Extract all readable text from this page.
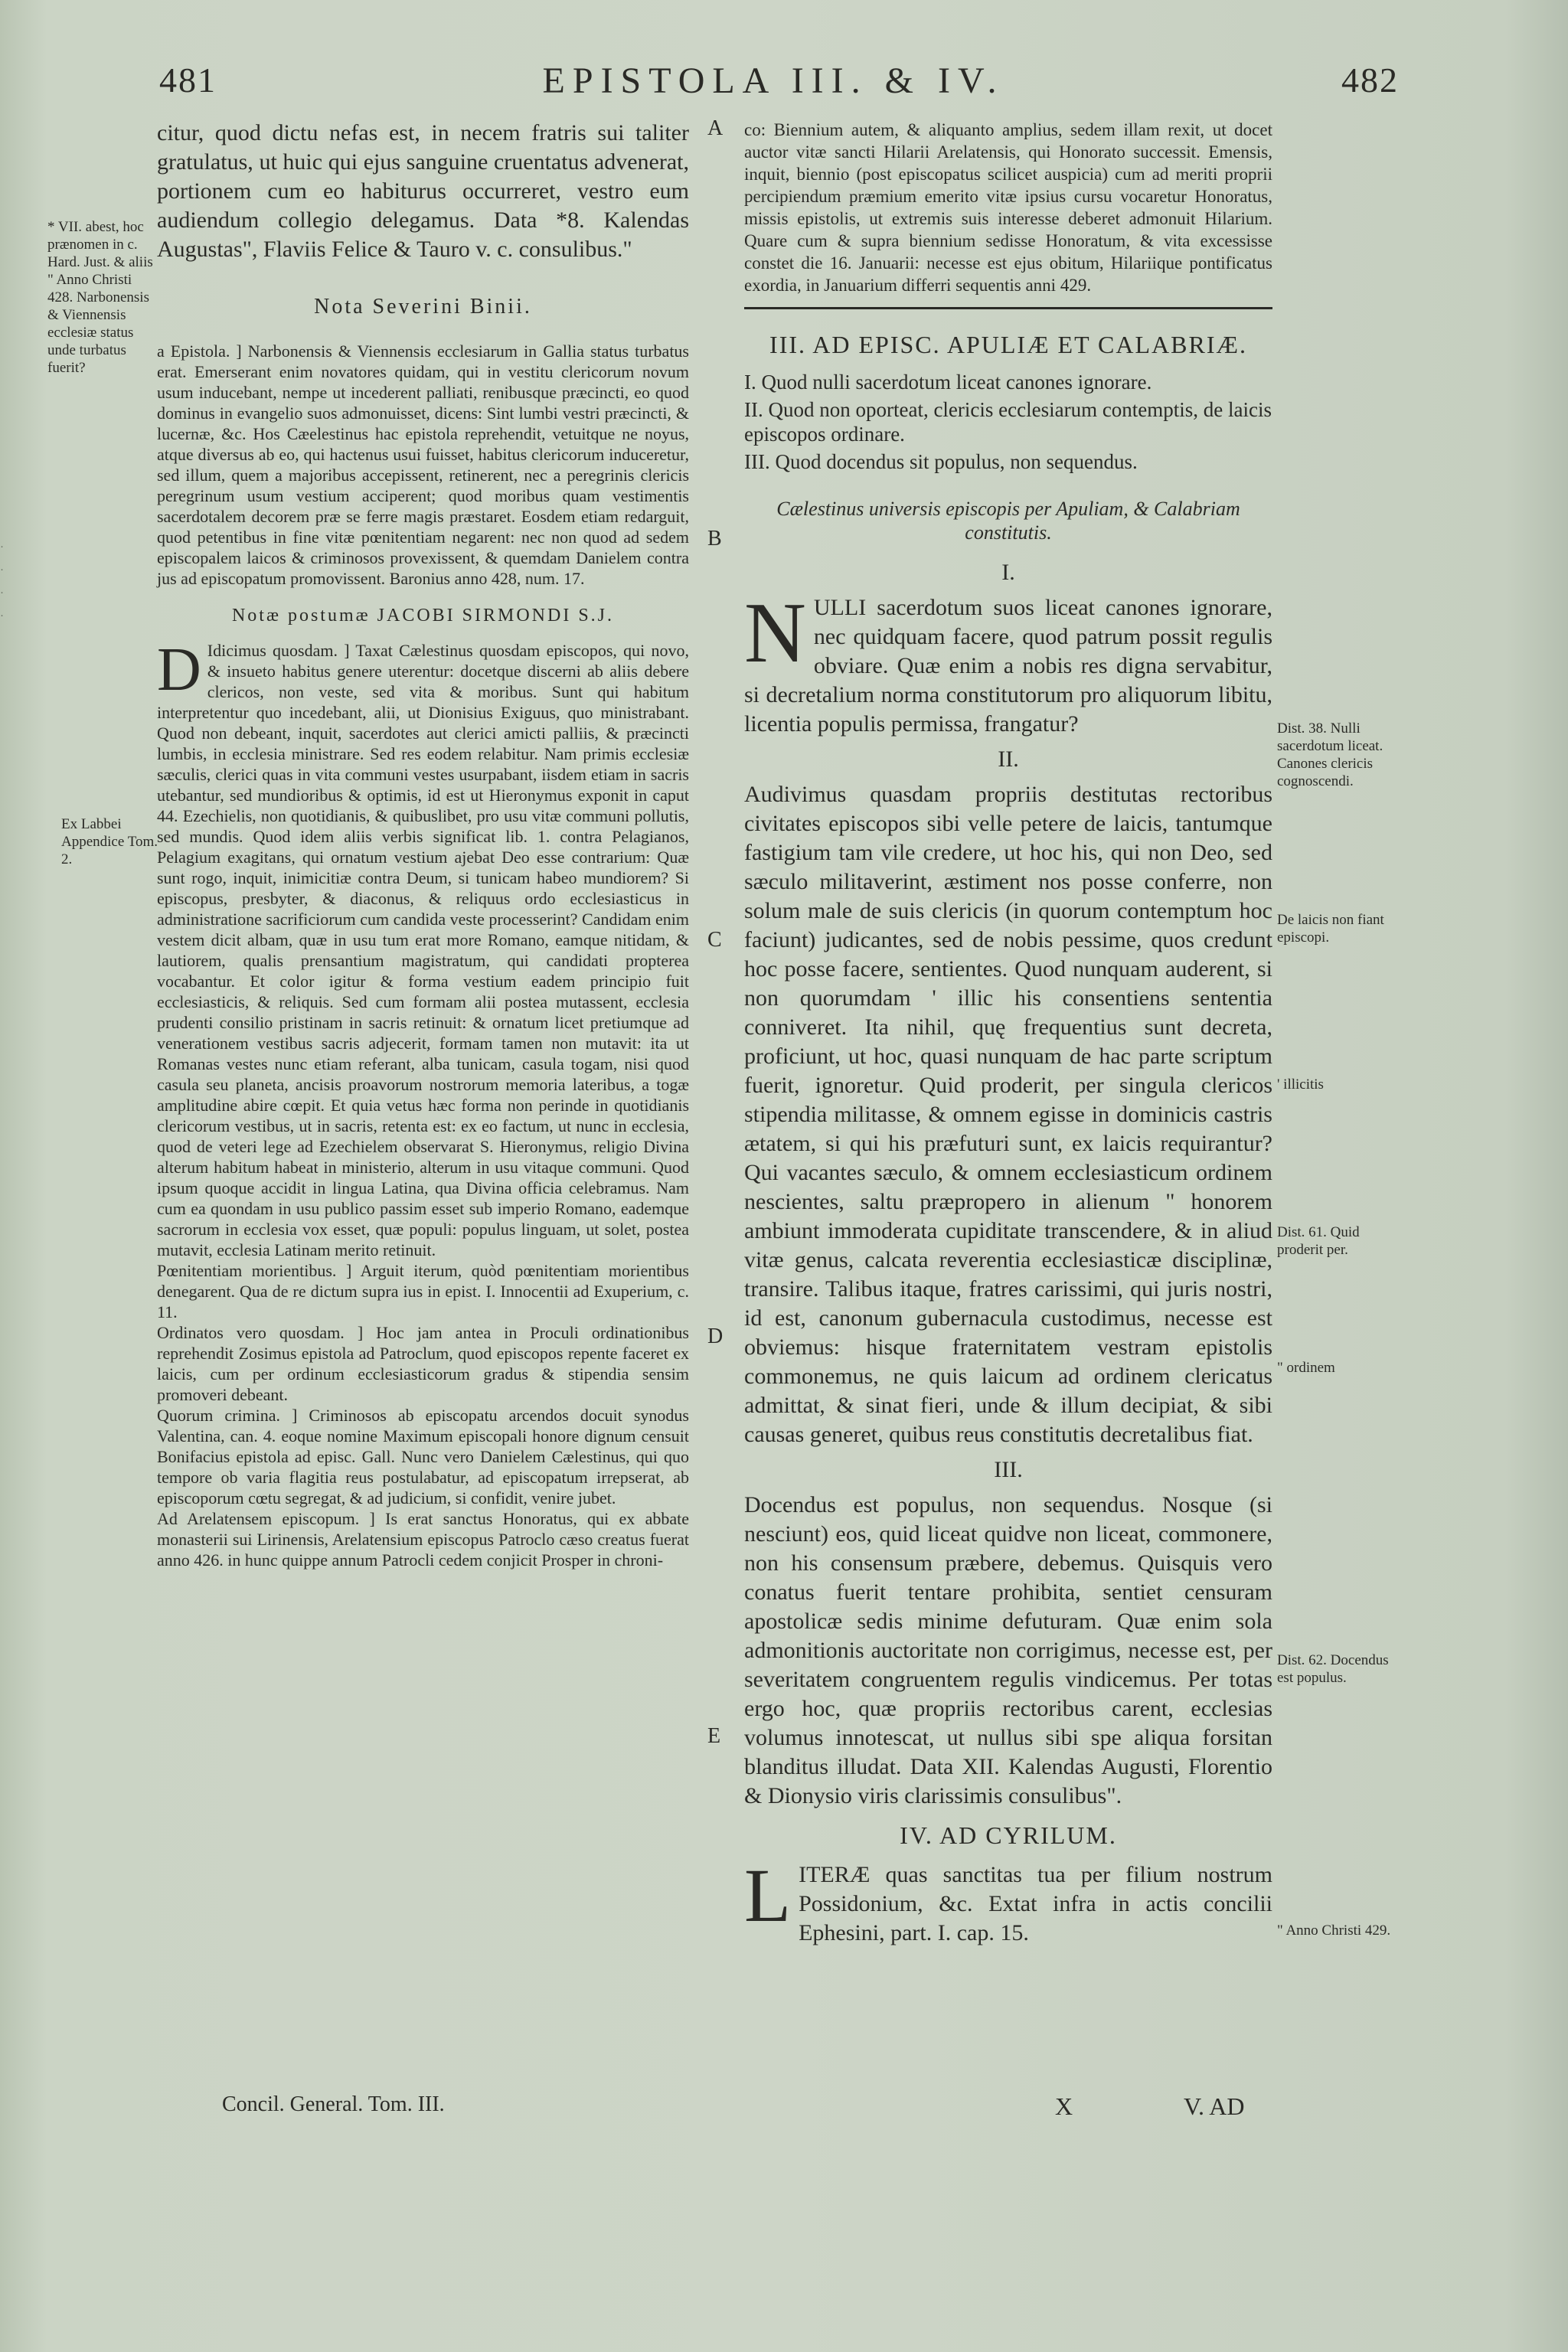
·
·
·
·
481	EPISTOLA III. & IV.	482
* VII. abest, hoc prænomen in c. Hard. Just. & aliis " Anno Christi 428. Narbonensis & Viennensis ecclesiæ status unde turbatus fuerit?
Ex Labbei Appendice Tom. 2.

citur, quod dictu nefas est, in necem fratris sui taliter gratulatus, ut huic qui ejus sanguine cruentatus advenerat, portionem cum eo habiturus occurreret, vestro eum audiendum collegio delegamus. Data *8. Kalendas Augustas", Flaviis Felice & Tauro v. c. consulibus."

Nota Severini Binii.

a Epistola. ] Narbonensis & Viennensis ecclesiarum in Gallia status turbatus erat. Emerserant enim novatores quidam, qui in vestitu clericorum novum usum inducebant, nempe ut incederent palliati, renibusque præcincti, eo quod dominus in evangelio suos admonuisset, dicens: Sint lumbi vestri præcincti, & lucernæ, &c. Hos Cæelestinus hac epistola reprehendit, vetuitque ne noyus, atque diversus ab eo, qui hactenus usui fuisset, habitus clericorum induceretur, sed illum, quem a majoribus accepissent, retinerent, nec a peregrinis clericis peregrinum usum vestium acciperent; quod moribus quam vestimentis sacerdotalem decorem præ se ferre magis præstaret. Eosdem etiam redarguit, quod petentibus in fine vitæ pœnitentiam negarent: nec non quod ad sedem episcopalem laicos & criminosos provexissent, & quemdam Danielem contra jus ad episcopatum promovissent. Baronius anno 428, num. 17.

Notæ postumæ JACOBI SIRMONDI S.J.

D Idicimus quosdam. ] Taxat Cælestinus quosdam episcopos, qui novo, & insueto habitus genere uterentur: docetque discerni ab aliis debere clericos, non veste, sed vita & moribus. Sunt qui habitum interpretentur quo incedebant, alii, ut Dionisius Exiguus, quo ministrabant. Quod non debeant, inquit, sacerdotes aut clerici amicti palliis, & præcincti lumbis, in ecclesia ministrare. Sed res eodem relabitur. Nam primis ecclesiæ sæculis, clerici quas in vita communi vestes usurpabant, iisdem etiam in sacris utebantur, sed mundioribus & optimis, id est ut Hieronymus exponit in caput 44. Ezechielis, non quotidianis, & quibuslibet, pro usu vitæ communi pollutis, sed mundis. Quod idem aliis verbis significat lib. 1. contra Pelagianos, Pelagium exagitans, qui ornatum vestium ajebat Deo esse contrarium: Quæ sunt rogo, inquit, inimicitiæ contra Deum, si tunicam habeo mundiorem? Si episcopus, presbyter, & diaconus, & reliquus ordo ecclesiasticus in administratione sacrificiorum cum candida veste processerint? Candidam enim vestem dicit albam, quæ in usu tum erat more Romano, eamque nitidam, & lautiorem, qualis prensantium magistratum, qui candidati propterea vocabantur. Et color igitur & forma vestium eadem principio fuit ecclesiasticis, & reliquis. Sed cum formam alii postea mutassent, ecclesia prudenti consilio pristinam in sacris retinuit: & ornatum licet pretiumque ad venerationem vestibus sacris adjecerit, formam tamen non mutavit: ita ut Romanas vestes nunc etiam referant, alba tunicam, casula togam, nisi quod casula seu planeta, ancisis proavorum nostrorum memoria lateribus, a togæ amplitudine abire cœpit. Et quia vetus hæc forma non perinde in quotidianis clericorum vestibus, ut in sacris, retenta est: ex eo factum, ut nunc in ecclesia, quod de veteri lege ad Ezechielem observarat S. Hieronymus, religio Divina alterum habitum habeat in ministerio, alterum in usu vitaque communi. Quod ipsum quoque accidit in lingua Latina, qua Divina officia celebramus. Nam cum ea quondam in usu publico passim esset sub imperio Romano, eademque sacrorum in ecclesia vox esset, quæ populi: populus linguam, ut solet, postea mutavit, ecclesia Latinam merito retinuit.

Pœnitentiam morientibus. ] Arguit iterum, quòd pœnitentiam morientibus denegarent. Qua de re dictum supra ius in epist. I. Innocentii ad Exuperium, c. 11.

Ordinatos vero quosdam. ] Hoc jam antea in Proculi ordinationibus reprehendit Zosimus epistola ad Patroclum, quod episcopos repente faceret ex laicis, cum per ordinum ecclesiasticorum gradus & stipendia sensim promoveri debeant.

Quorum crimina. ] Criminosos ab episcopatu arcendos docuit synodus Valentina, can. 4. eoque nomine Maximum episcopali honore dignum censuit Bonifacius epistola ad episc. Gall. Nunc vero Danielem Cælestinus, qui quo tempore ob varia flagitia reus postulabatur, ad episcopatum irrepserat, ab episcoporum cœtu segregat, & ad judicium, si confidit, venire jubet.

Ad Arelatensem episcopum. ] Is erat sanctus Honoratus, qui ex abbate monasterii sui Lirinensis, Arelatensium episcopus Patroclo cæso creatus fuerat anno 426. in hunc quippe annum Patrocli cedem conjicit Prosper in chroni-

Concil. General. Tom. III.
A
B
C
D
E

co: Biennium autem, & aliquanto amplius, sedem illam rexit, ut docet auctor vitæ sancti Hilarii Arelatensis, qui Honorato successit. Emensis, inquit, biennio (post episcopatus scilicet auspicia) cum ad meriti proprii percipiendum præmium emerito vitæ ipsius cursu vocaretur Honoratus, missis epistolis, ut extremis suis interesse deberet admonuit Hilarium. Quare cum & supra biennium sedisse Honoratum, & vita excessisse constet die 16. Januarii: necesse est ejus obitum, Hilariique pontificatus exordia, in Januarium differri sequentis anni 429.

III. AD EPISC. APULIÆ ET CALABRIÆ.

I. Quod nulli sacerdotum liceat canones ignorare.

II. Quod non oporteat, clericis ecclesiarum contemptis, de laicis episcopos ordinare.

III. Quod docendus sit populus, non sequendus.

Cælestinus universis episcopis per Apuliam, & Calabriam constitutis.

I.

NULLI sacerdotum suos liceat canones ignorare, nec quidquam facere, quod patrum possit regulis obviare. Quæ enim a nobis res digna servabitur, si decretalium norma constitutorum pro aliquorum libitu, licentia populis permissa, frangatur?

II.

Audivimus quasdam propriis destitutas rectoribus civitates episcopos sibi velle petere de laicis, tantumque fastigium tam vile credere, ut hoc his, qui non Deo, sed sæculo militaverint, æstiment nos posse conferre, non solum male de suis clericis (in quorum contemptum hoc faciunt) judicantes, sed de nobis pessime, quos credunt hoc posse facere, sentientes. Quod nunquam auderent, si non quorumdam ' illic his consentiens sententia conniveret. Ita nihil, quę frequentius sunt decreta, proficiunt, ut hoc, quasi nunquam de hac parte scriptum fuerit, ignoretur. Quid proderit, per singula clericos stipendia militasse, & omnem egisse in dominicis castris ætatem, si qui his præfuturi sunt, ex laicis requirantur? Qui vacantes sæculo, & omnem ecclesiasticum ordinem nescientes, saltu præpropero in alienum " honorem ambiunt immoderata cupiditate transcendere, & in aliud vitæ genus, calcata reverentia ecclesiasticæ disciplinæ, transire. Talibus itaque, fratres carissimi, qui juris nostri, id est, canonum gubernacula custodimus, necesse est obviemus: hisque fraternitatem vestram epistolis commonemus, ne quis laicum ad ordinem clericatus admittat, & sinat fieri, unde & illum decipiat, & sibi causas generet, quibus reus constitutis decretalibus fiat.

III.

Docendus est populus, non sequendus. Nosque (si nesciunt) eos, quid liceat quidve non liceat, commonere, non his consensum præbere, debemus. Quisquis vero conatus fuerit tentare prohibita, sentiet censuram apostolicæ sedis minime defuturam. Quæ enim sola admonitionis auctoritate non corrigimus, necesse est, per severitatem congruentem regulis vindicemus. Per totas ergo hoc, quæ propriis rectoribus carent, ecclesias volumus innotescat, ut nullus sibi spe aliqua forsitan blanditus illudat. Data XII. Kalendas Augusti, Florentio & Dionysio viris clarissimis consulibus".

IV. AD CYRILUM.

LITERÆ quas sanctitas tua per filium nostrum Possidonium, &c. Extat infra in actis concilii Ephesini, part. I. cap. 15.

X	V. AD
Dist. 38. Nulli sacerdotum liceat. Canones clericis cognoscendi.
De laicis non fiant episcopi.
' illicitis
Dist. 61. Quid proderit per.
" ordinem
Dist. 62. Docendus est populus.
" Anno Christi 429.
